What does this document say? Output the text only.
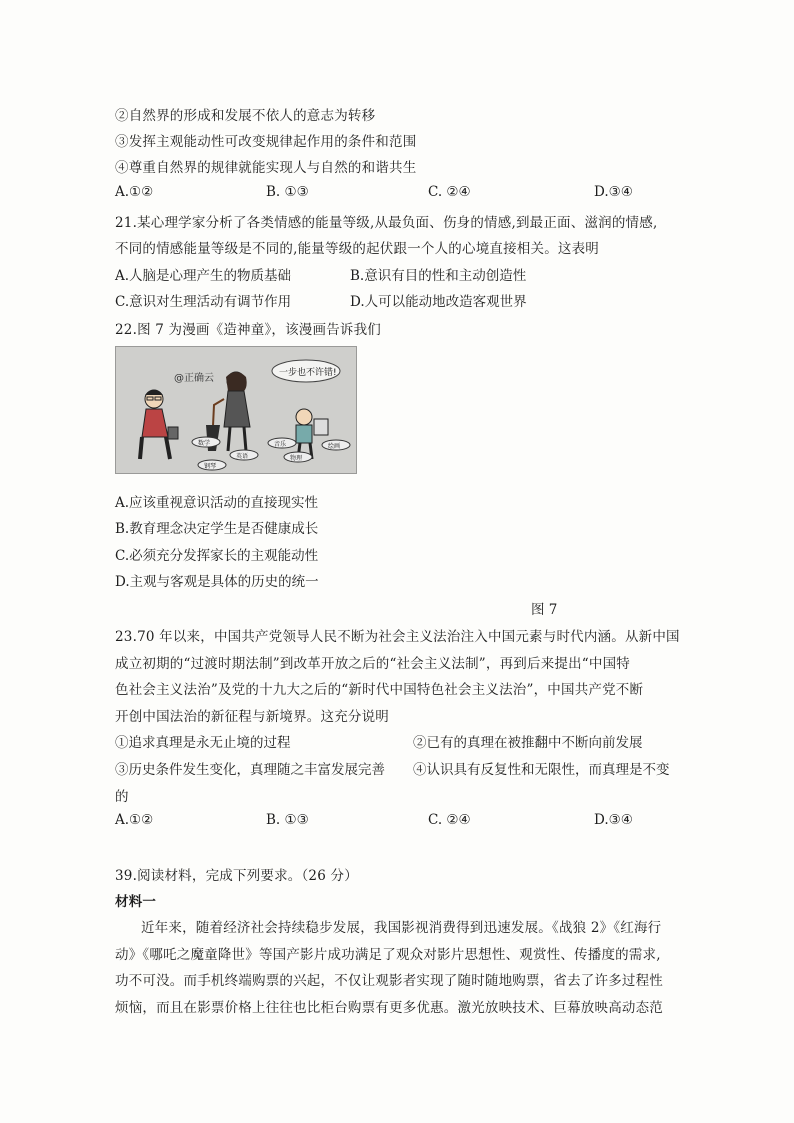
②自然界的形成和发展不依人的意志为转移
③发挥主观能动性可改变规律起作用的条件和范围
④尊重自然界的规律就能实现人与自然的和谐共生
A.①②	B. ①③	C. ②④	D.③④
21.某心理学家分析了各类情感的能量等级,从最负面、伤身的情感,到最正面、滋润的情感,
不同的情感能量等级是不同的,能量等级的起伏跟一个人的心境直接相关。这表明
A.人脑是心理产生的物质基础	B.意识有目的性和主动创造性
C.意识对生理活动有调节作用	D.人可以能动地改造客观世界
22.图 7 为漫画《造神童》，该漫画告诉我们
@正确云	一步也不许错!
数学
英语
音乐
物理
钢琴
绘画
A.应该重视意识活动的直接现实性
B.教育理念决定学生是否健康成长
C.必须充分发挥家长的主观能动性
D.主观与客观是具体的历史的统一
图 7
23.70 年以来，中国共产党领导人民不断为社会主义法治注入中国元素与时代内涵。从新中国
成立初期的“过渡时期法制”到改革开放之后的“社会主义法制”，再到后来提出“中国特
色社会主义法治”及党的十九大之后的“新时代中国特色社会主义法治”，中国共产党不断
开创中国法治的新征程与新境界。这充分说明
①追求真理是永无止境的过程	②已有的真理在被推翻中不断向前发展
③历史条件发生变化，真理随之丰富发展完善 ④认识具有反复性和无限性，而真理是不变
的
A.①②	B. ①③	C. ②④	D.③④
39.阅读材料，完成下列要求。（26 分）
材料一
近年来，随着经济社会持续稳步发展，我国影视消费得到迅速发展。《战狼 2》《红海行
动》《哪吒之魔童降世》等国产影片成功满足了观众对影片思想性、观赏性、传播度的需求,
功不可没。而手机终端购票的兴起，不仅让观影者实现了随时随地购票，省去了许多过程性
烦恼，而且在影票价格上往往也比柜台购票有更多优惠。激光放映技术、巨幕放映高动态范
